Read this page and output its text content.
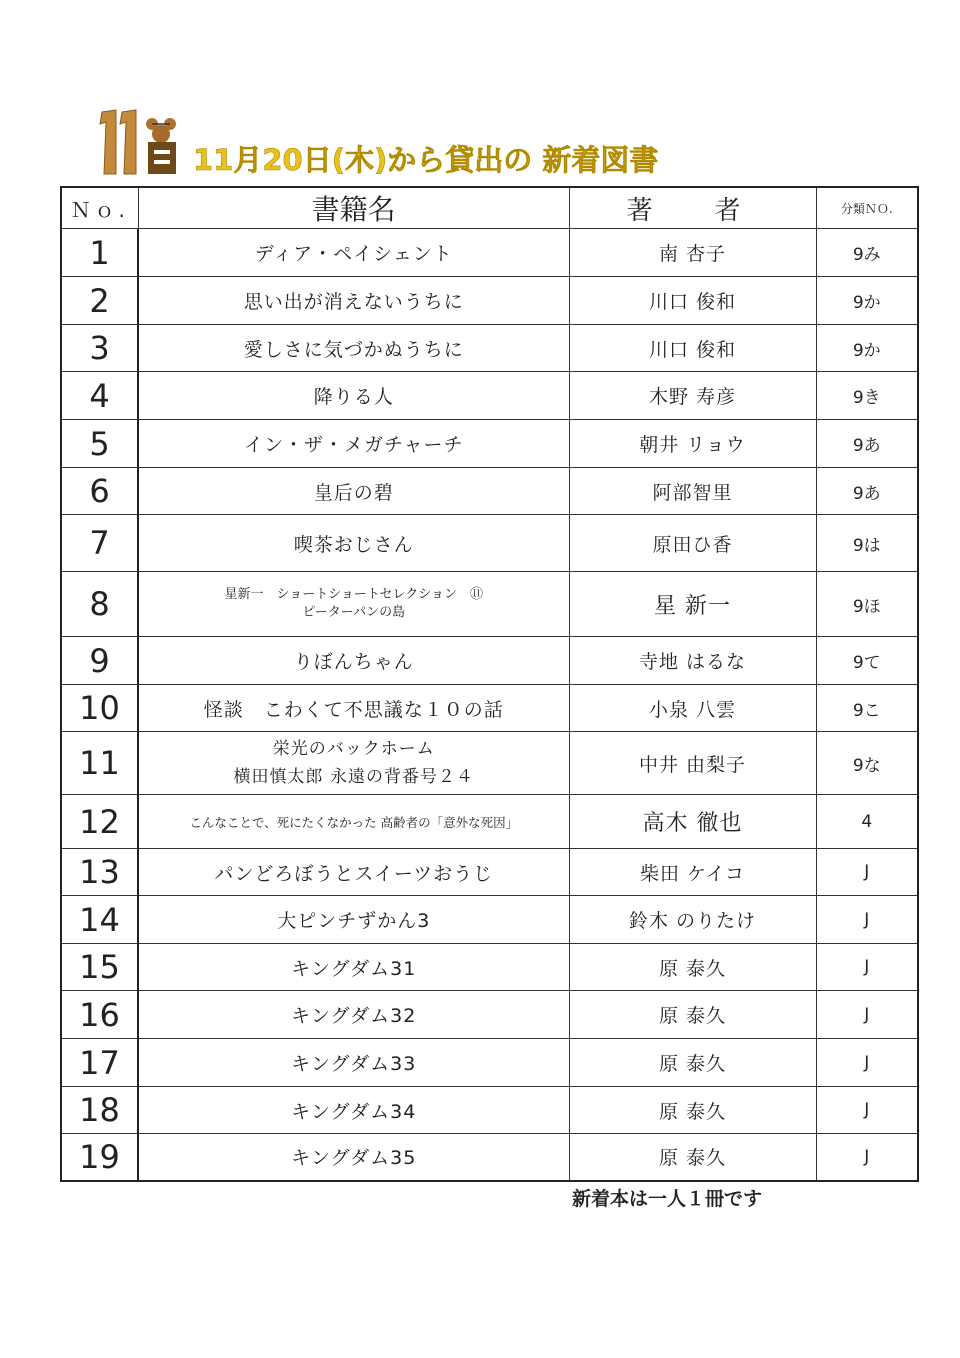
11月20日(木)から貸出の 新着図書
Ｎｏ.	書籍名	著　者	分類ＮＯ.
1	ディア・ペイシェント	南 杏子	9み
2	思い出が消えないうちに	川口 俊和	9か
3	愛しさに気づかぬうちに	川口 俊和	9か
4	降りる人	木野 寿彦	9き
5	イン・ザ・メガチャーチ	朝井 リョウ	9あ
6	皇后の碧	阿部智里	9あ
7	喫茶おじさん	原田ひ香	9は
8	星新一　ショートショートセレクション　⑪
ピーターパンの島	星 新一	9ほ
9	りぼんちゃん	寺地 はるな	9て
10	怪談　こわくて不思議な１０の話	小泉 八雲	9こ
11	栄光のバックホーム
横田慎太郎 永遠の背番号２４	中井 由梨子	9な
12	こんなことで、死にたくなかった 高齢者の「意外な死因」	高木 徹也	4
13	パンどろぼうとスイーツおうじ	柴田 ケイコ	J
14	大ピンチずかん3	鈴木 のりたけ	J
15	キングダム31	原 泰久	J
16	キングダム32	原 泰久	J
17	キングダム33	原 泰久	J
18	キングダム34	原 泰久	J
19	キングダム35	原 泰久	J
新着本は一人１冊です
